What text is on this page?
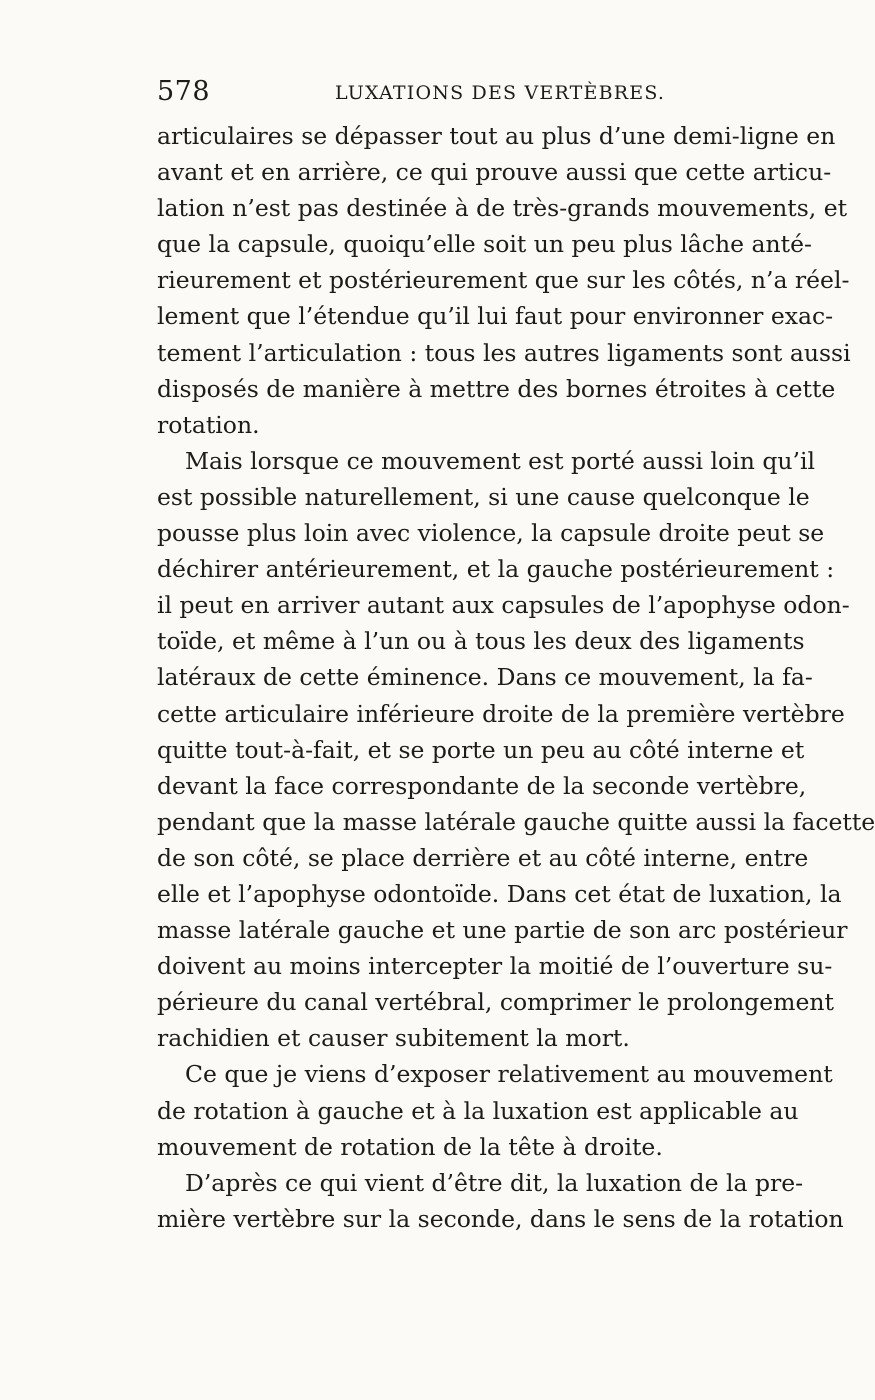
578	LUXATIONS DES VERTÈBRES.
articulaires se dépasser tout au plus d’une demi-ligne en
avant et en arrière, ce qui prouve aussi que cette articu-
lation n’est pas destinée à de très-grands mouvements, et
que la capsule, quoiqu’elle soit un peu plus lâche anté-
rieurement et postérieurement que sur les côtés, n’a réel-
lement que l’étendue qu’il lui faut pour environner exac-
tement l’articulation : tous les autres ligaments sont aussi
disposés de manière à mettre des bornes étroites à cette
rotation.
Mais lorsque ce mouvement est porté aussi loin qu’il
est possible naturellement, si une cause quelconque le
pousse plus loin avec violence, la capsule droite peut se
déchirer antérieurement, et la gauche postérieurement :
il peut en arriver autant aux capsules de l’apophyse odon-
toïde, et même à l’un ou à tous les deux des ligaments
latéraux de cette éminence. Dans ce mouvement, la fa-
cette articulaire inférieure droite de la première vertèbre
quitte tout-à-fait, et se porte un peu au côté interne et
devant la face correspondante de la seconde vertèbre,
pendant que la masse latérale gauche quitte aussi la facette
de son côté, se place derrière et au côté interne, entre
elle et l’apophyse odontoïde. Dans cet état de luxation, la
masse latérale gauche et une partie de son arc postérieur
doivent au moins intercepter la moitié de l’ouverture su-
périeure du canal vertébral, comprimer le prolongement
rachidien et causer subitement la mort.
Ce que je viens d’exposer relativement au mouvement
de rotation à gauche et à la luxation est applicable au
mouvement de rotation de la tête à droite.
D’après ce qui vient d’être dit, la luxation de la pre-
mière vertèbre sur la seconde, dans le sens de la rotation
